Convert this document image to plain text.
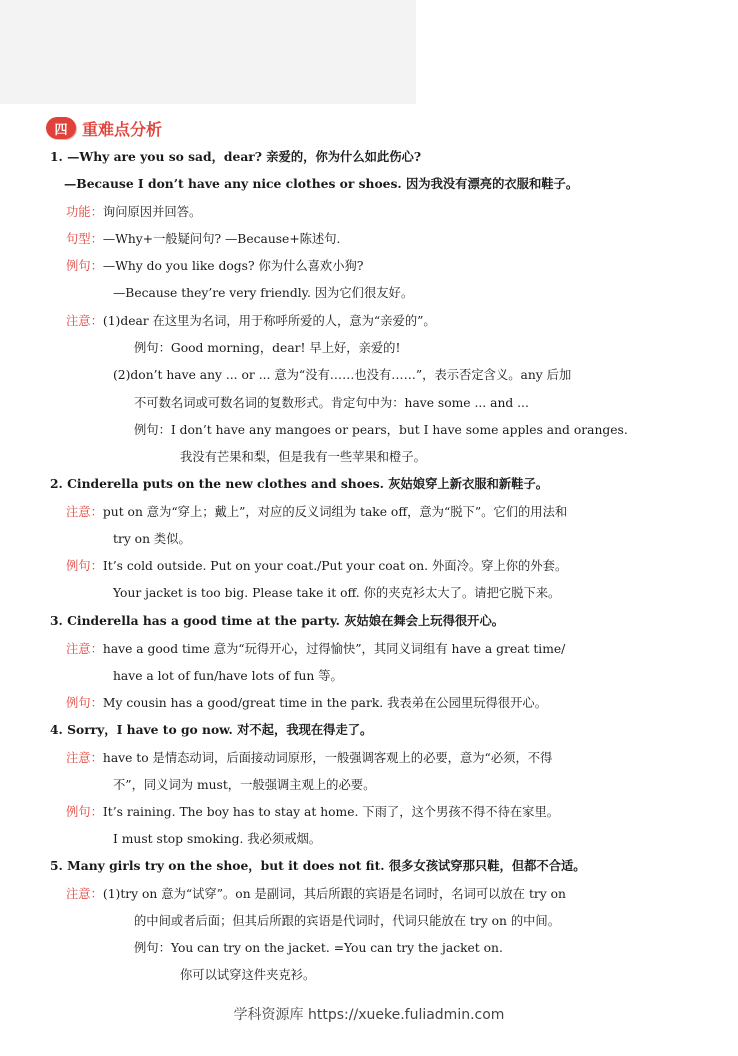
四 重难点分析
1. —Why are you so sad，dear? 亲爱的，你为什么如此伤心?
—Because I don’t have any nice clothes or shoes. 因为我没有漂亮的衣服和鞋子。
功能：询问原因并回答。
句型：—Why+一般疑问句? —Because+陈述句.
例句：—Why do you like dogs? 你为什么喜欢小狗?
—Because they’re very friendly. 因为它们很友好。
注意：(1)dear 在这里为名词，用于称呼所爱的人，意为“亲爱的”。
例句：Good morning，dear! 早上好，亲爱的!
(2)don’t have any ... or ... 意为“没有……也没有……”，表示否定含义。any 后加
不可数名词或可数名词的复数形式。肯定句中为：have some ... and ...
例句：I don’t have any mangoes or pears，but I have some apples and oranges.
我没有芒果和梨，但是我有一些苹果和橙子。
2. Cinderella puts on the new clothes and shoes. 灰姑娘穿上新衣服和新鞋子。
注意：put on 意为“穿上；戴上”，对应的反义词组为 take off，意为“脱下”。它们的用法和
try on 类似。
例句：It’s cold outside. Put on your coat./Put your coat on. 外面冷。穿上你的外套。
Your jacket is too big. Please take it off. 你的夹克衫太大了。请把它脱下来。
3. Cinderella has a good time at the party. 灰姑娘在舞会上玩得很开心。
注意：have a good time 意为“玩得开心，过得愉快”，其同义词组有 have a great time/
have a lot of fun/have lots of fun 等。
例句：My cousin has a good/great time in the park. 我表弟在公园里玩得很开心。
4. Sorry，I have to go now. 对不起，我现在得走了。
注意：have to 是情态动词，后面接动词原形，一般强调客观上的必要，意为“必须，不得
不”，同义词为 must，一般强调主观上的必要。
例句：It’s raining. The boy has to stay at home. 下雨了，这个男孩不得不待在家里。
I must stop smoking. 我必须戒烟。
5. Many girls try on the shoe，but it does not fit. 很多女孩试穿那只鞋，但都不合适。
注意：(1)try on 意为“试穿”。on 是副词，其后所跟的宾语是名词时，名词可以放在 try on
的中间或者后面；但其后所跟的宾语是代词时，代词只能放在 try on 的中间。
例句：You can try on the jacket. =You can try the jacket on.
你可以试穿这件夹克衫。
学科资源库 https://xueke.fuliadmin.com
